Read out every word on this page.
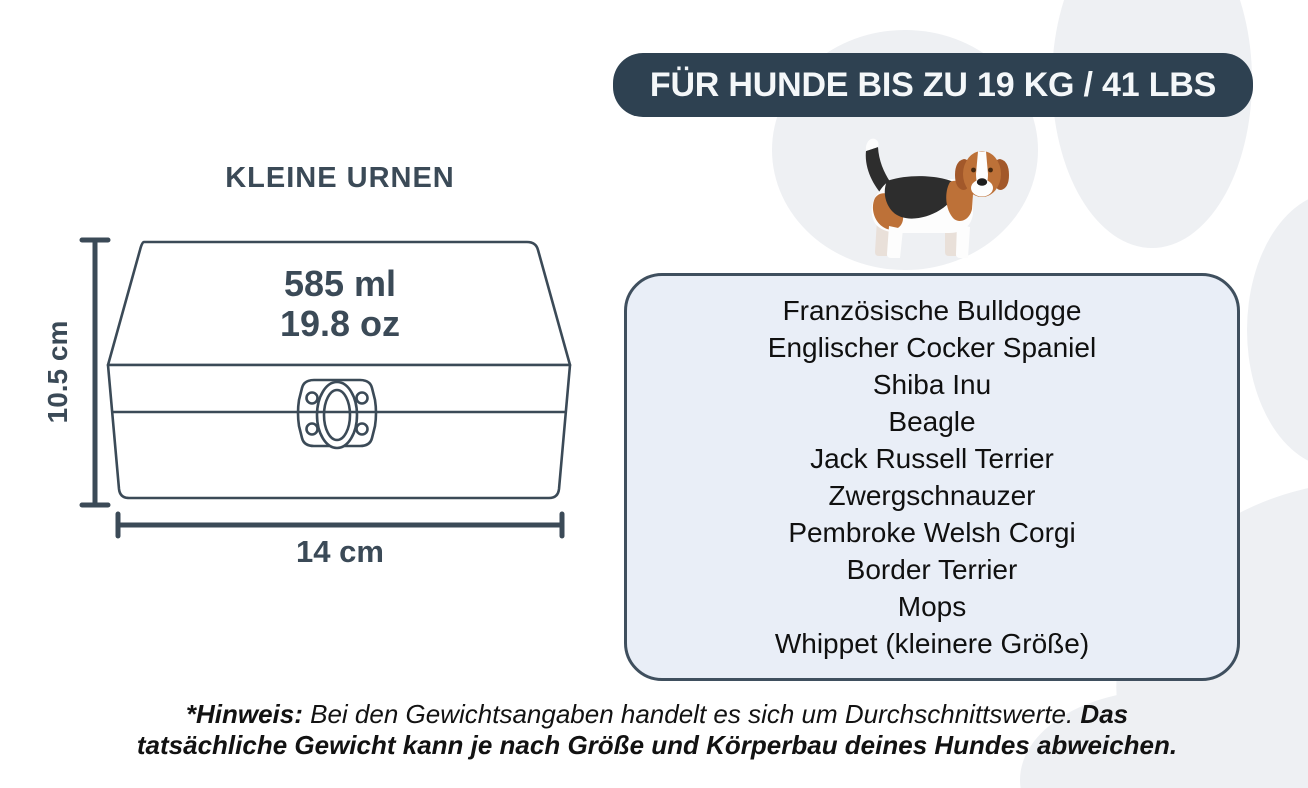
FÜR HUNDE BIS ZU 19 KG / 41 LBS
KLEINE URNEN
585 ml
19.8 oz
10.5 cm
14 cm
Französische Bulldogge
Englischer Cocker Spaniel
Shiba Inu
Beagle
Jack Russell Terrier
Zwergschnauzer
Pembroke Welsh Corgi
Border Terrier
Mops
Whippet (kleinere Größe)
*Hinweis: Bei den Gewichtsangaben handelt es sich um Durchschnittswerte. Das
tatsächliche Gewicht kann je nach Größe und Körperbau deines Hundes abweichen.
